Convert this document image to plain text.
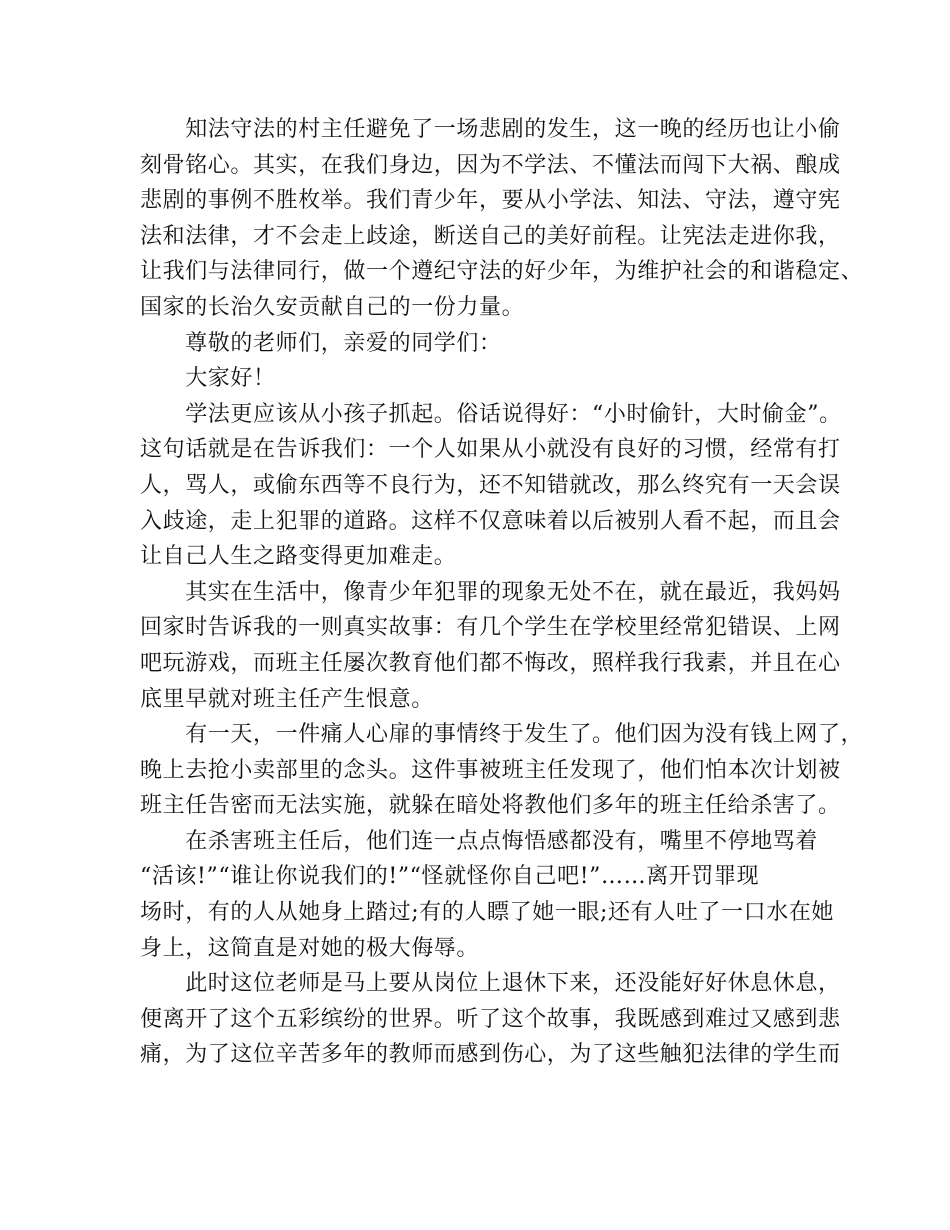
　　知法守法的村主任避免了一场悲剧的发生，这一晚的经历也让小偷
刻骨铭心。其实，在我们身边，因为不学法、不懂法而闯下大祸、酿成
悲剧的事例不胜枚举。我们青少年，要从小学法、知法、守法，遵守宪
法和法律，才不会走上歧途，断送自己的美好前程。让宪法走进你我，
让我们与法律同行，做一个遵纪守法的好少年，为维护社会的和谐稳定、
国家的长治久安贡献自己的一份力量。
　　尊敬的老师们，亲爱的同学们：
　　大家好！
　　学法更应该从小孩子抓起。俗话说得好：“小时偷针，大时偷金”。
这句话就是在告诉我们：一个人如果从小就没有良好的习惯，经常有打
人，骂人，或偷东西等不良行为，还不知错就改，那么终究有一天会误
入歧途，走上犯罪的道路。这样不仅意味着以后被别人看不起，而且会
让自己人生之路变得更加难走。
　　其实在生活中，像青少年犯罪的现象无处不在，就在最近，我妈妈
回家时告诉我的一则真实故事：有几个学生在学校里经常犯错误、上网
吧玩游戏，而班主任屡次教育他们都不悔改，照样我行我素，并且在心
底里早就对班主任产生恨意。
　　有一天，一件痛人心扉的事情终于发生了。他们因为没有钱上网了，
晚上去抢小卖部里的念头。这件事被班主任发现了，他们怕本次计划被
班主任告密而无法实施，就躲在暗处将教他们多年的班主任给杀害了。
　　在杀害班主任后，他们连一点点悔悟感都没有，嘴里不停地骂着
“活该!”“谁让你说我们的!”“怪就怪你自己吧!”……离开罚罪现
场时，有的人从她身上踏过;有的人瞟了她一眼;还有人吐了一口水在她
身上，这简直是对她的极大侮辱。
　　此时这位老师是马上要从岗位上退休下来，还没能好好休息休息，
便离开了这个五彩缤纷的世界。听了这个故事，我既感到难过又感到悲
痛，为了这位辛苦多年的教师而感到伤心，为了这些触犯法律的学生而
